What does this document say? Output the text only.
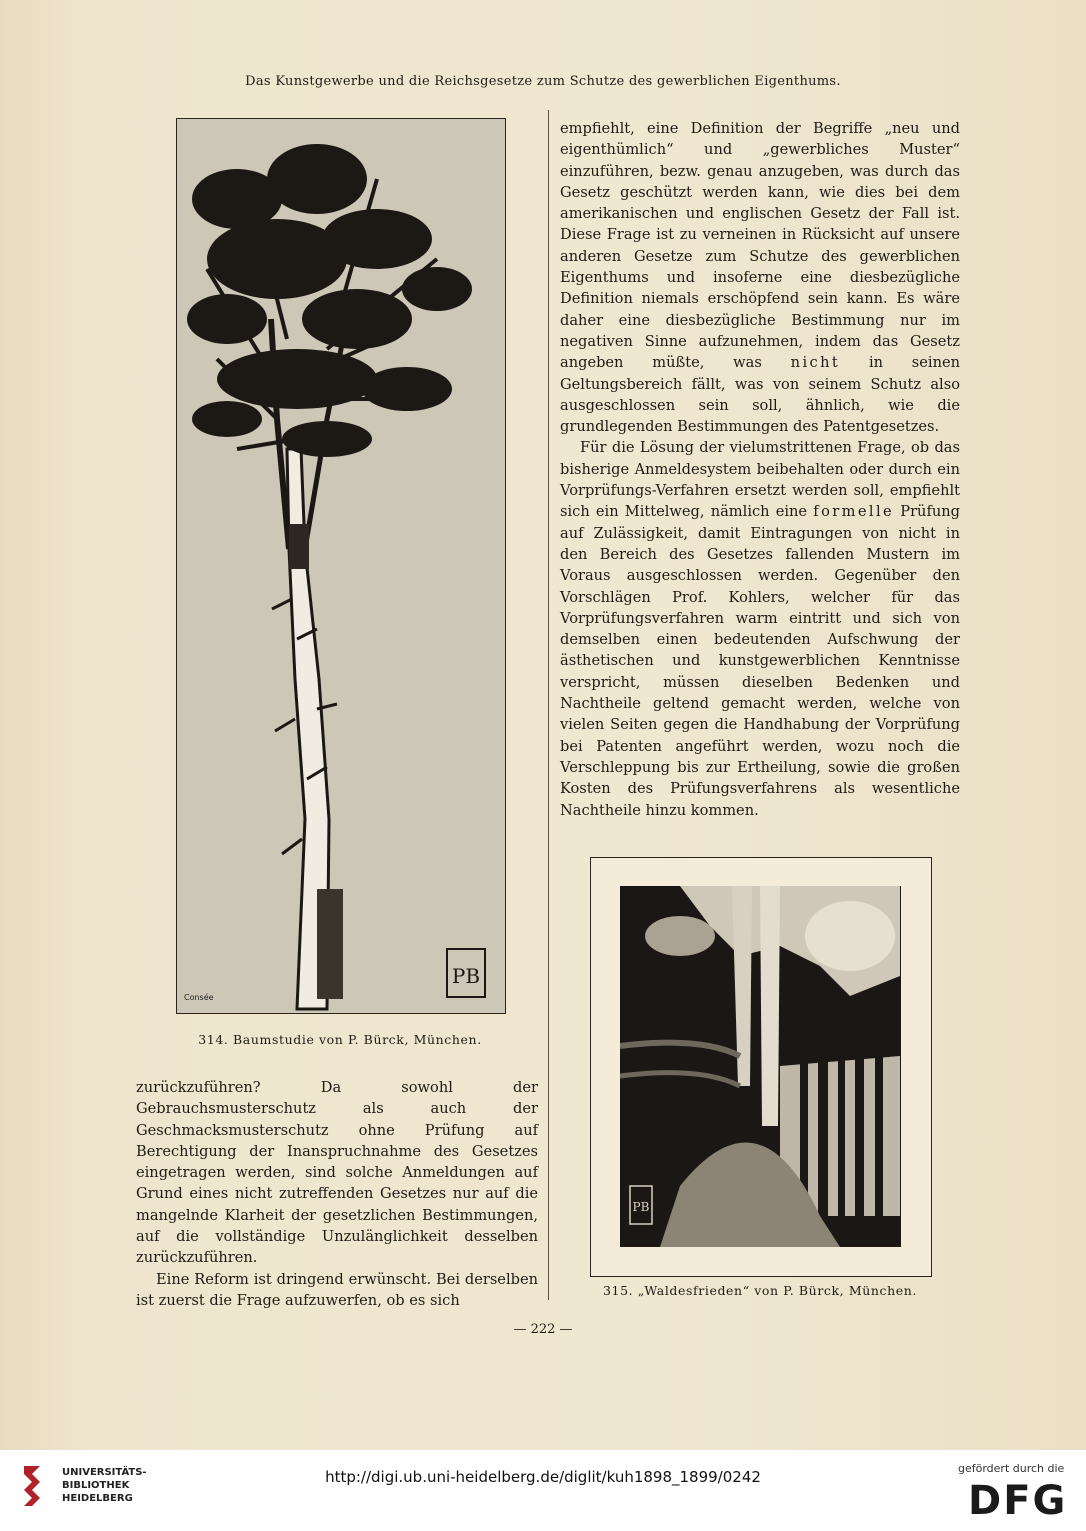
Das Kunstgewerbe und die Reichsgesetze zum Schutze des gewerblichen Eigenthums.
PB
Consée
314. Baumstudie von P. Bürck, München.

empfiehlt, eine Definition der Begriffe „neu und eigenthümlich“ und „gewerbliches Muster“ einzuführen, bezw. genau anzugeben, was durch das Gesetz geschützt werden kann, wie dies bei dem amerikanischen und englischen Gesetz der Fall ist. Diese Frage ist zu verneinen in Rücksicht auf unsere anderen Gesetze zum Schutze des gewerblichen Eigenthums und insoferne eine diesbezügliche Definition niemals erschöpfend sein kann. Es wäre daher eine diesbezügliche Bestimmung nur im negativen Sinne aufzunehmen, indem das Gesetz angeben müßte, was nicht in seinen Geltungsbereich fällt, was von seinem Schutz also ausgeschlossen sein soll, ähnlich, wie die grundlegenden Bestimmungen des Patentgesetzes.

Für die Lösung der vielumstrittenen Frage, ob das bisherige Anmeldesystem beibehalten oder durch ein Vorprüfungs-Verfahren ersetzt werden soll, empfiehlt sich ein Mittelweg, nämlich eine formelle Prüfung auf Zulässigkeit, damit Eintragungen von nicht in den Bereich des Gesetzes fallenden Mustern im Voraus ausgeschlossen werden. Gegenüber den Vorschlägen Prof. Kohlers, welcher für das Vorprüfungsverfahren warm eintritt und sich von demselben einen bedeutenden Aufschwung der ästhetischen und kunstgewerblichen Kenntnisse verspricht, müssen dieselben Bedenken und Nachtheile geltend gemacht werden, welche von vielen Seiten gegen die Handhabung der Vorprüfung bei Patenten angeführt werden, wozu noch die Verschleppung bis zur Ertheilung, sowie die großen Kosten des Prüfungsverfahrens als wesentliche Nachtheile hinzu kommen.

zurückzuführen? Da sowohl der Gebrauchsmusterschutz als auch der Geschmacksmusterschutz ohne Prüfung auf Berechtigung der Inanspruchnahme des Gesetzes eingetragen werden, sind solche Anmeldungen auf Grund eines nicht zutreffenden Gesetzes nur auf die mangelnde Klarheit der gesetzlichen Bestimmungen, auf die vollständige Unzulänglichkeit desselben zurückzuführen.

Eine Reform ist dringend erwünscht. Bei derselben ist zuerst die Frage aufzuwerfen, ob es sich

PB
315. „Waldesfrieden“ von P. Bürck, München.
— 222 —
UNIVERSITÄTS-
BIBLIOTHEK
HEIDELBERG
http://digi.ub.uni-heidelberg.de/diglit/kuh1898_1899/0242	gefördert durch die
DFG
